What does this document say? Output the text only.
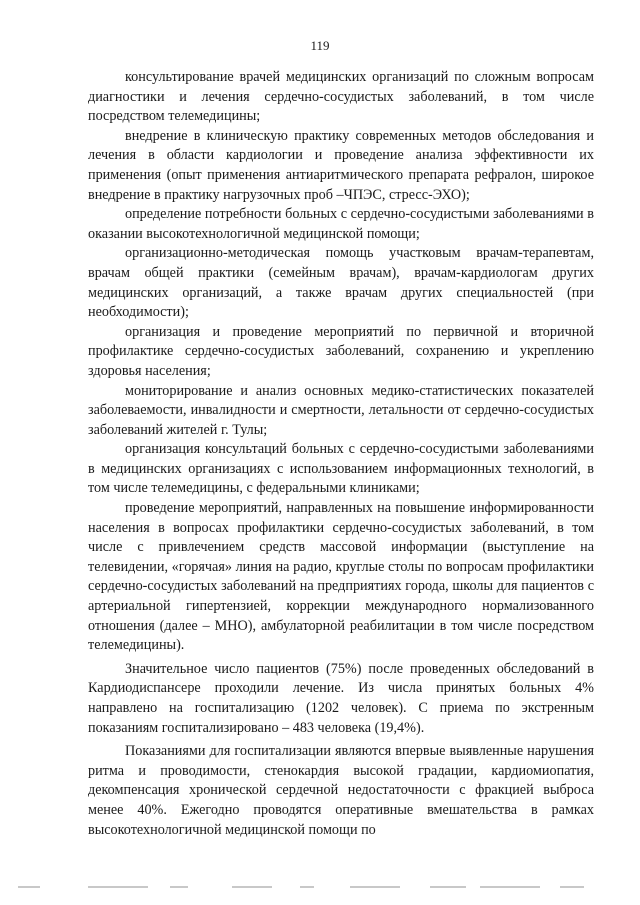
119

консультирование врачей медицинских организаций по сложным вопросам диагностики и лечения сердечно-сосудистых заболеваний, в том числе посредством телемедицины;

внедрение в клиническую практику современных методов обследования и лечения в области кардиологии и проведение анализа эффективности их применения (опыт применения антиаритмического препарата рефралон, широкое внедрение в практику нагрузочных проб –ЧПЭС, стресс-ЭХО);

определение потребности больных с сердечно-сосудистыми заболеваниями в оказании высокотехнологичной медицинской помощи;

организационно-методическая помощь участковым врачам-терапевтам, врачам общей практики (семейным врачам), врачам-кардиологам других медицинских организаций, а также врачам других специальностей (при необходимости);

организация и проведение мероприятий по первичной и вторичной профилактике сердечно-сосудистых заболеваний, сохранению и укреплению здоровья населения;

мониторирование и анализ основных медико-статистических показателей заболеваемости, инвалидности и смертности, летальности от сердечно-сосудистых заболеваний жителей г. Тулы;

организация консультаций больных с сердечно-сосудистыми заболеваниями в медицинских организациях с использованием информационных технологий, в том числе телемедицины, с федеральными клиниками;

проведение мероприятий, направленных на повышение информированности населения в вопросах профилактики сердечно-сосудистых заболеваний, в том числе с привлечением средств массовой информации (выступление на телевидении, «горячая» линия на радио, круглые столы по вопросам профилактики сердечно-сосудистых заболеваний на предприятиях города, школы для пациентов с артериальной гипертензией, коррекции международного нормализованного отношения (далее – МНО), амбулаторной реабилитации в том числе посредством телемедицины).

Значительное число пациентов (75%) после проведенных обследований в Кардиодиспансере проходили лечение. Из числа принятых больных 4% направлено на госпитализацию (1202 человек). С приема по экстренным показаниям госпитализировано – 483 человека (19,4%).

Показаниями для госпитализации являются впервые выявленные нарушения ритма и проводимости, стенокардия высокой градации, кардиомиопатия, декомпенсация хронической сердечной недостаточности с фракцией выброса менее 40%. Ежегодно проводятся оперативные вмешательства в рамках высокотехнологичной медицинской помощи по
